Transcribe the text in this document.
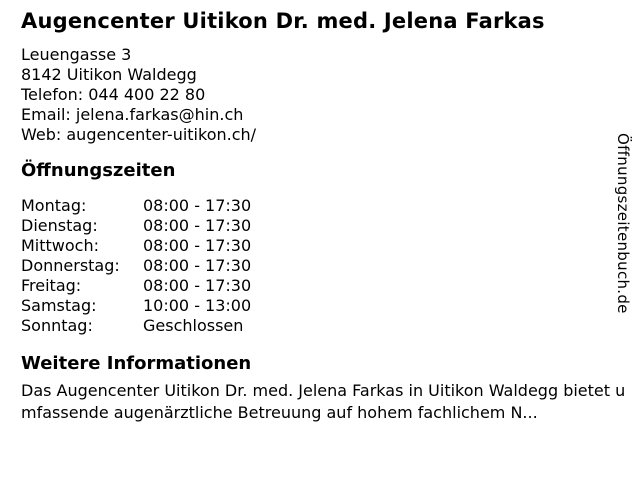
Augencenter Uitikon Dr. med. Jelena Farkas
Leuengasse 3
8142 Uitikon Waldegg
Telefon: 044 400 22 80
Email: jelena.farkas@hin.ch
Web: augencenter-uitikon.ch/
Öffnungszeiten
Montag:	08:00 - 17:30
Dienstag:	08:00 - 17:30
Mittwoch:	08:00 - 17:30
Donnerstag:	08:00 - 17:30
Freitag:	08:00 - 17:30
Samstag:	10:00 - 13:00
Sonntag:	Geschlossen
Weitere Informationen

Das Augencenter Uitikon Dr. med. Jelena Farkas in Uitikon Waldegg bietet umfassende augenärztliche Betreuung auf hohem fachlichem N...

Öffnungszeitenbuch.de
